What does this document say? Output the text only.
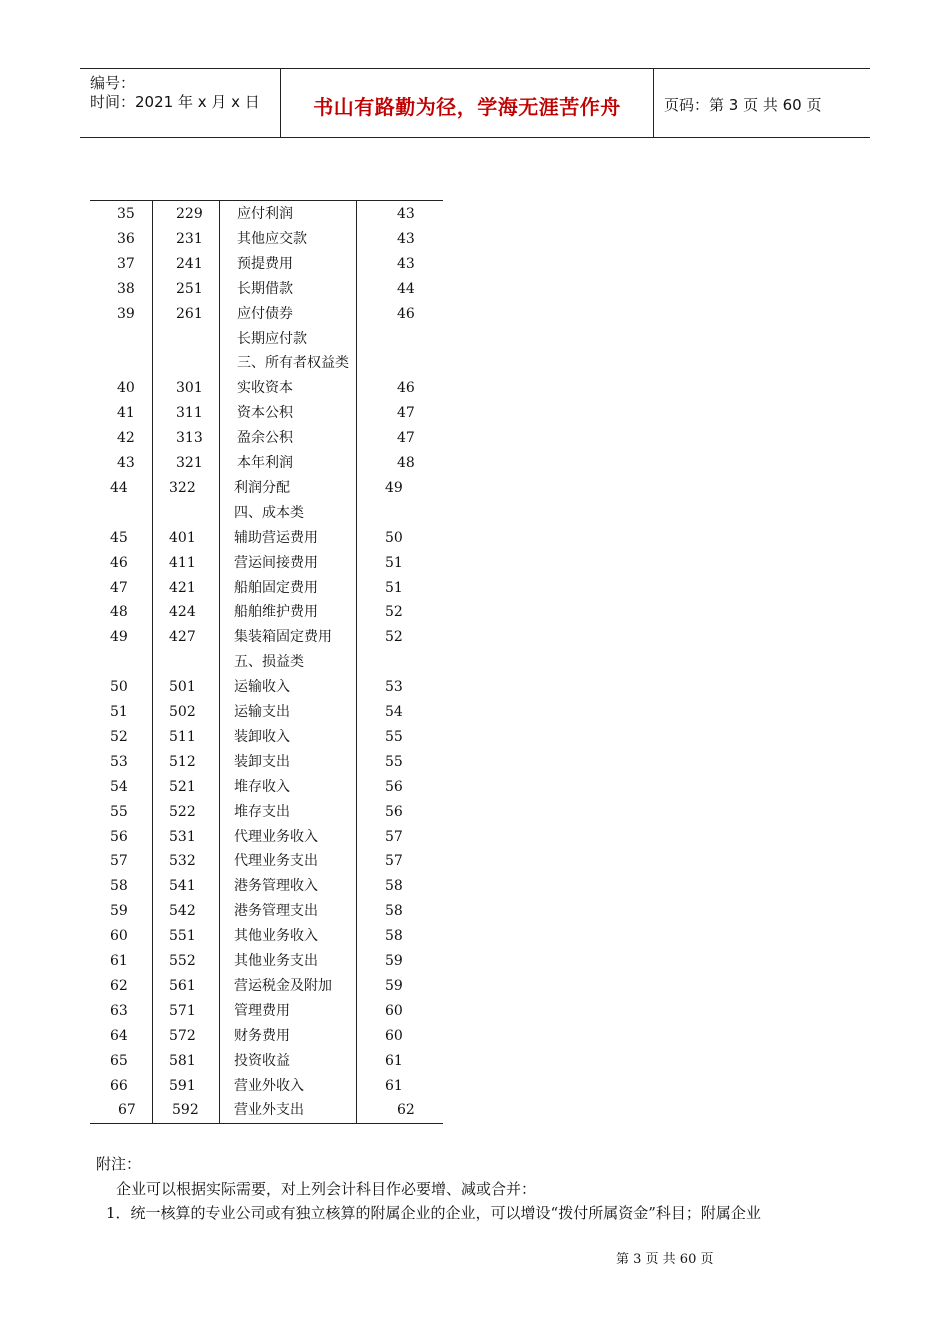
编号：
时间：2021 年 x 月 x 日	书山有路勤为径，学海无涯苦作舟	页码：第 3 页 共 60 页
35	229 应付利润	43
36	231 其他应交款	43
37	241 预提费用	43
38	251 长期借款	44
39	261 应付债券	46
长期应付款
三、所有者权益类
40	301 实收资本	46
41	311 资本公积	47
42	313 盈余公积	47
43	321 本年利润	48
44	322	利润分配	49
四、成本类
45	401	辅助营运费用	50
46	411	营运间接费用	51
47	421	船舶固定费用	51
48	424	船舶维护费用	52
49	427	集装箱固定费用	52
五、损益类
50	501	运输收入	53
51	502	运输支出	54
52	511	装卸收入	55
53	512	装卸支出	55
54	521	堆存收入	56
55	522	堆存支出	56
56	531	代理业务收入	57
57	532	代理业务支出	57
58	541	港务管理收入	58
59	542	港务管理支出	58
60	551	其他业务收入	58
61	552	其他业务支出	59
62	561	营运税金及附加	59
63	571	管理费用	60
64	572	财务费用	60
65	581	投资收益	61
66	591	营业外收入	61
67	592	营业外支出	62
附注：
企业可以根据实际需要，对上列会计科目作必要增、减或合并：
1．统一核算的专业公司或有独立核算的附属企业的企业，可以增设“拨付所属资金”科目；附属企业
第 3 页 共 60 页
